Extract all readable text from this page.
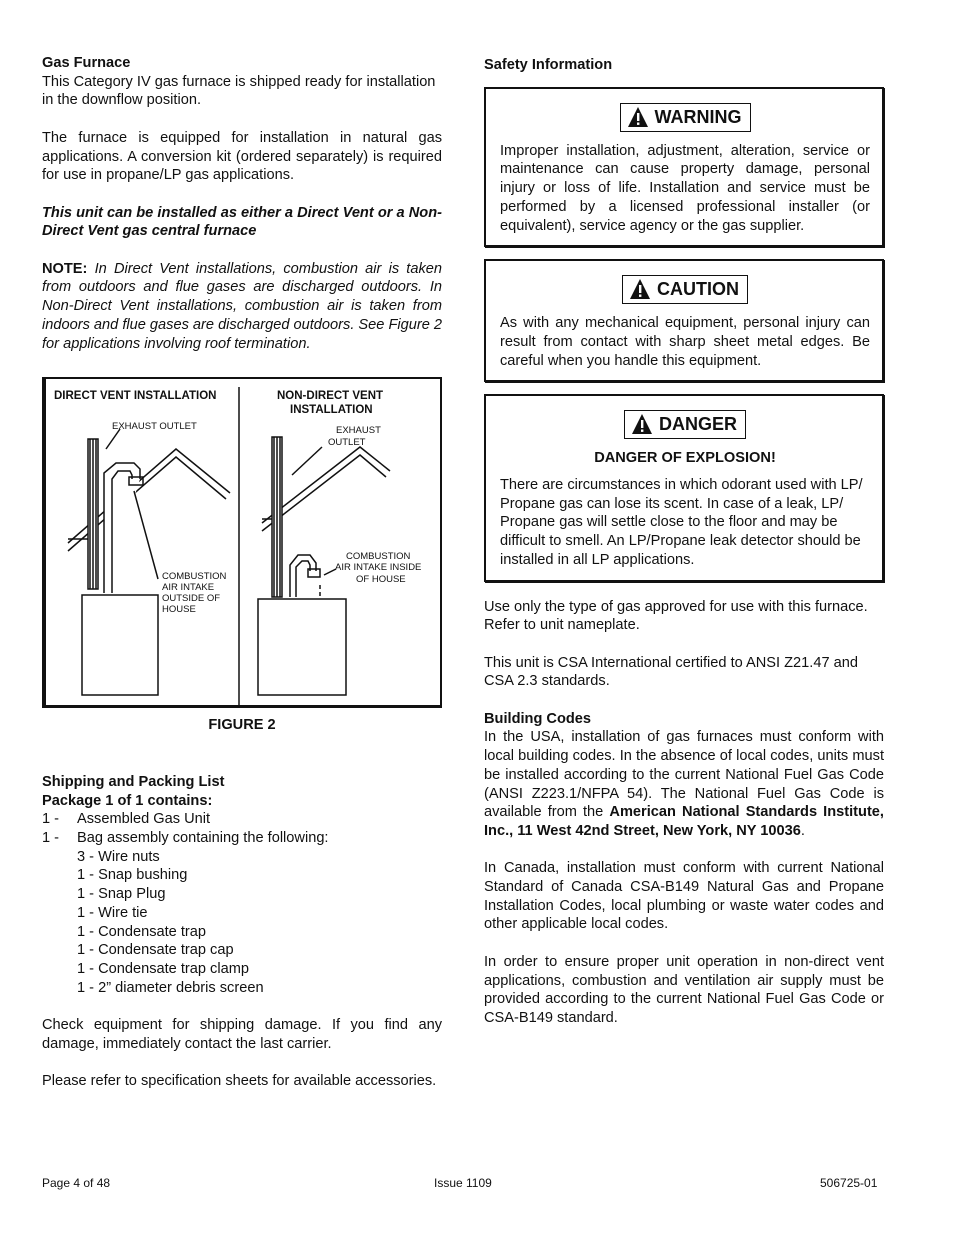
Gas Furnace

This Category IV gas furnace is shipped ready for installation in the downflow position.

The furnace is equipped for installation in natural gas applications. A conversion kit (ordered separately) is required for use in propane/LP gas applications.

This unit can be installed as either a Direct Vent or a Non-Direct Vent gas central furnace

NOTE: In Direct Vent installations, combustion air is taken from outdoors and flue gases are discharged outdoors. In Non-Direct Vent installations, combustion air is taken from indoors and flue gases are discharged outdoors. See Figure 2 for applications involving roof termination.

DIRECT VENT INSTALLATION	NON-DIRECT VENT
INSTALLATION
EXHAUST OUTLET	EXHAUST
OUTLET
COMBUSTION
AIR INTAKE
OUTSIDE OF
HOUSE
COMBUSTION
AIR INTAKE INSIDE
OF HOUSE

FIGURE 2

Shipping and Packing List

Package 1 of 1 contains:

1 -	Assembled Gas Unit
1 -	Bag assembly containing the following:

3 - Wire nuts

1 - Snap bushing

1 - Snap Plug

1 - Wire tie

1 - Condensate trap

1 - Condensate trap cap

1 - Condensate trap clamp

1 - 2” diameter debris screen

Check equipment for shipping damage. If you find any damage, immediately contact the last carrier.

Please refer to specification sheets for available accessories.

Safety Information

WARNING

Improper installation, adjustment, alteration, service or maintenance can cause property damage, personal injury or loss of life. Installation and service must be performed by a licensed professional installer (or equivalent), service agency or the gas supplier.

CAUTION

As with any mechanical equipment, personal injury can result from contact with sharp sheet metal edges. Be careful when you handle this equipment.

DANGER

DANGER OF EXPLOSION!

There are circumstances in which odorant used with LP/ Propane gas can lose its scent. In case of a leak, LP/ Propane gas will settle close to the floor and may be difficult to smell. An LP/Propane leak detector should be installed in all LP applications.

Use only the type of gas approved for use with this furnace. Refer to unit nameplate.

This unit is CSA International certified to ANSI Z21.47 and CSA 2.3 standards.

Building Codes

In the USA, installation of gas furnaces must conform with local building codes. In the absence of local codes, units must be installed according to the current National Fuel Gas Code (ANSI Z223.1/NFPA 54). The National Fuel Gas Code is available from the American National Standards Institute, Inc., 11 West 42nd Street, New York, NY 10036.

In Canada, installation must conform with current National Standard of Canada CSA-B149 Natural Gas and Propane Installation Codes, local plumbing or waste water codes and other applicable local codes.

In order to ensure proper unit operation in non-direct vent applications, combustion and ventilation air supply must be provided according to the current National Fuel Gas Code or CSA-B149 standard.

Page 4 of 48	Issue 1109	506725-01
